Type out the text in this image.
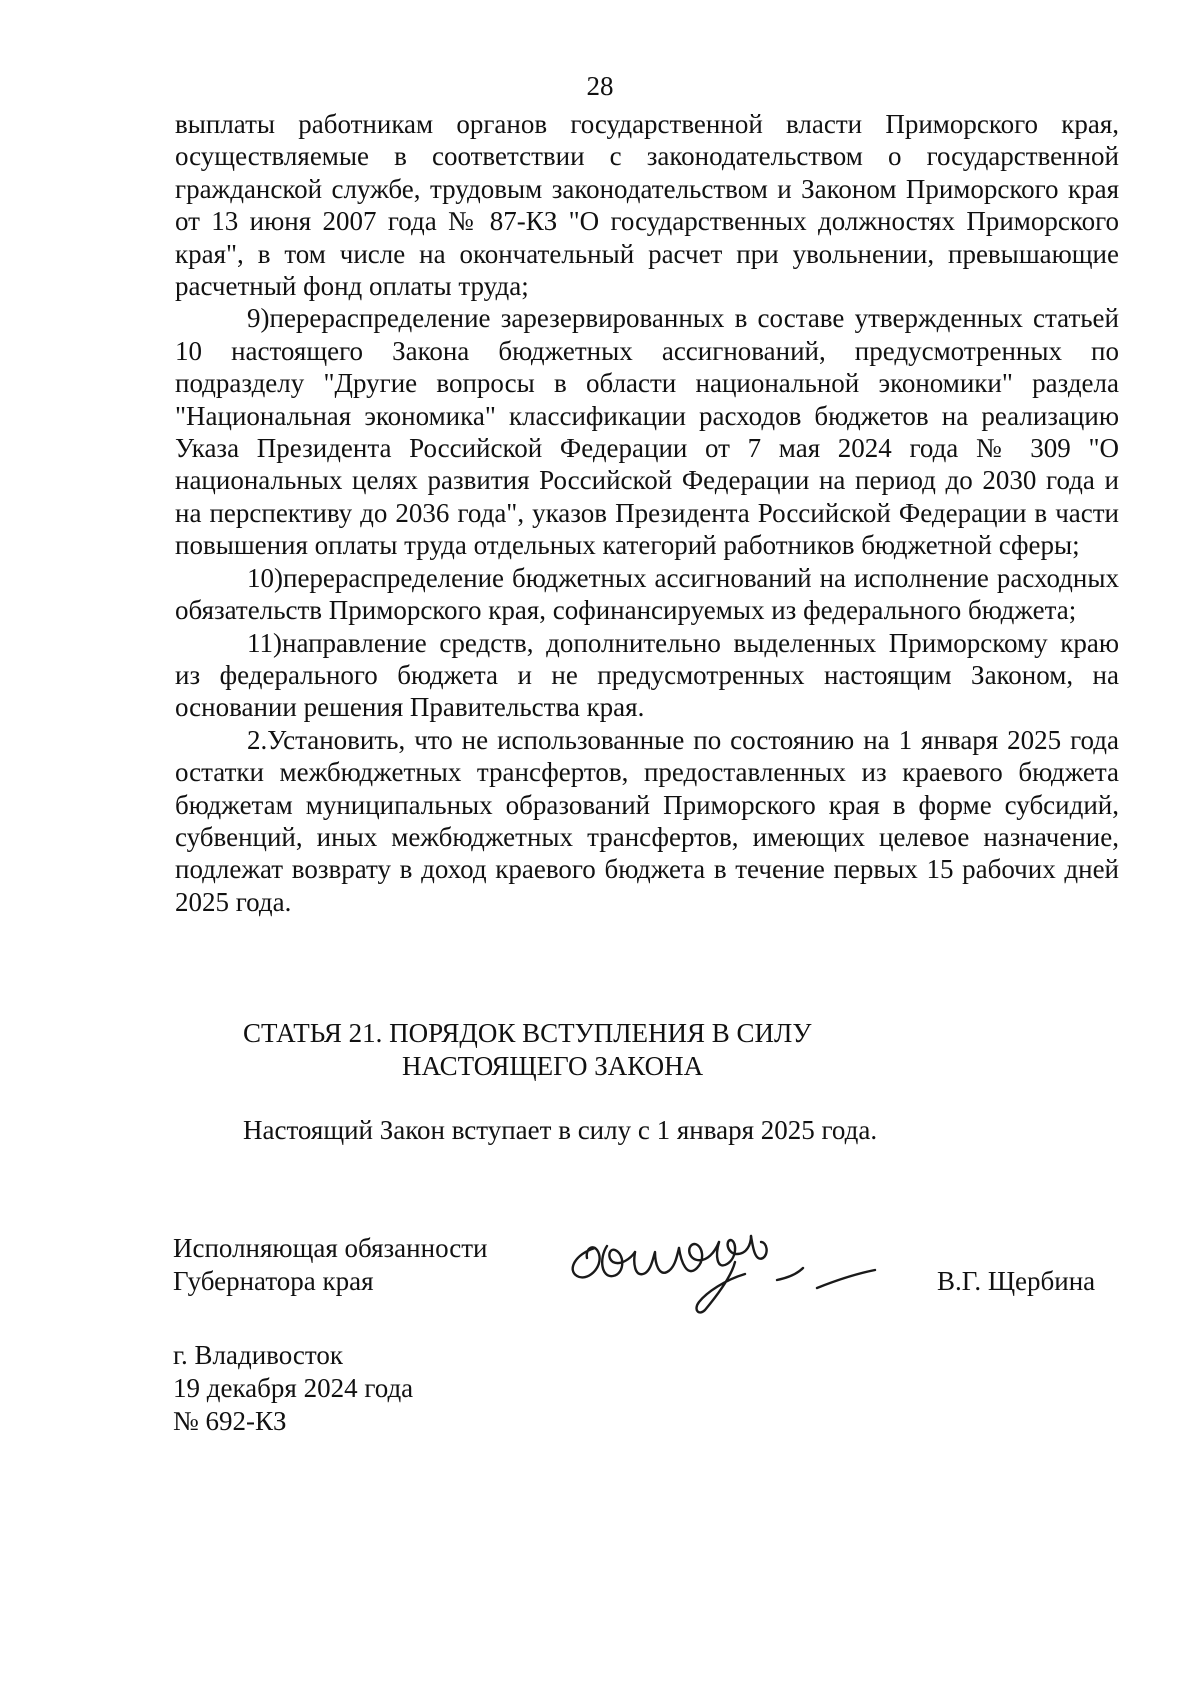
28

выплаты работникам органов государственной власти Приморского края, осуществляемые в соответствии с законодательством о государственной гражданской службе, трудовым законодательством и Законом Приморского края от 13 июня 2007 года № 87-КЗ "О государственных должностях Приморского края", в том числе на окончательный расчет при увольнении, превышающие расчетный фонд оплаты труда;

9)перераспределение зарезервированных в составе утвержденных статьей 10 настоящего Закона бюджетных ассигнований, предусмотренных по подразделу "Другие вопросы в области национальной экономики" раздела "Национальная экономика" классификации расходов бюджетов на реализацию Указа Президента Российской Федерации от 7 мая 2024 года № 309 "О национальных целях развития Российской Федерации на период до 2030 года и на перспективу до 2036 года", указов Президента Российской Федерации в части повышения оплаты труда отдельных категорий работников бюджетной сферы;

10)перераспределение бюджетных ассигнований на исполнение расходных обязательств Приморского края, софинансируемых из федерального бюджета;

11)направление средств, дополнительно выделенных Приморскому краю из федерального бюджета и не предусмотренных настоящим Законом, на основании решения Правительства края.

2.Установить, что не использованные по состоянию на 1 января 2025 года остатки межбюджетных трансфертов, предоставленных из краевого бюджета бюджетам муниципальных образований Приморского края в форме субсидий, субвенций, иных межбюджетных трансфертов, имеющих целевое назначение, подлежат возврату в доход краевого бюджета в течение первых 15 рабочих дней 2025 года.

СТАТЬЯ 21. ПОРЯДОК ВСТУПЛЕНИЯ В СИЛУ
НАСТОЯЩЕГО ЗАКОНА
Настоящий Закон вступает в силу с 1 января 2025 года.
Исполняющая обязанности
Губернатора края	В.Г. Щербина
г. Владивосток
19 декабря 2024 года
№ 692-КЗ
